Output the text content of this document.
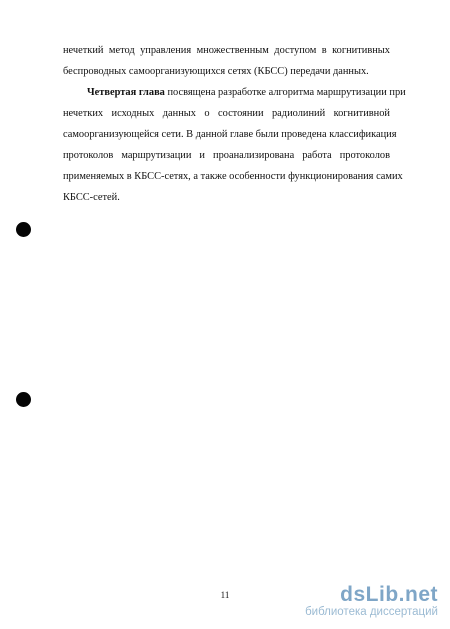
нечеткий метод управления множественным доступом в когнитивных
беспроводных самоорганизующихся сетях (КБСС) передачи данных.
Четвертая глава посвящена разработке алгоритма маршрутизации при
нечетких исходных данных о состоянии радиолиний когнитивной
самоорганизующейся сети. В данной главе были проведена классификация
протоколов маршрутизации и проанализирована работа протоколов
применяемых в КБСС-сетях, а также особенности функционирования самих
КБСС-сетей.
11	dsLib.net
библиотека диссертаций
